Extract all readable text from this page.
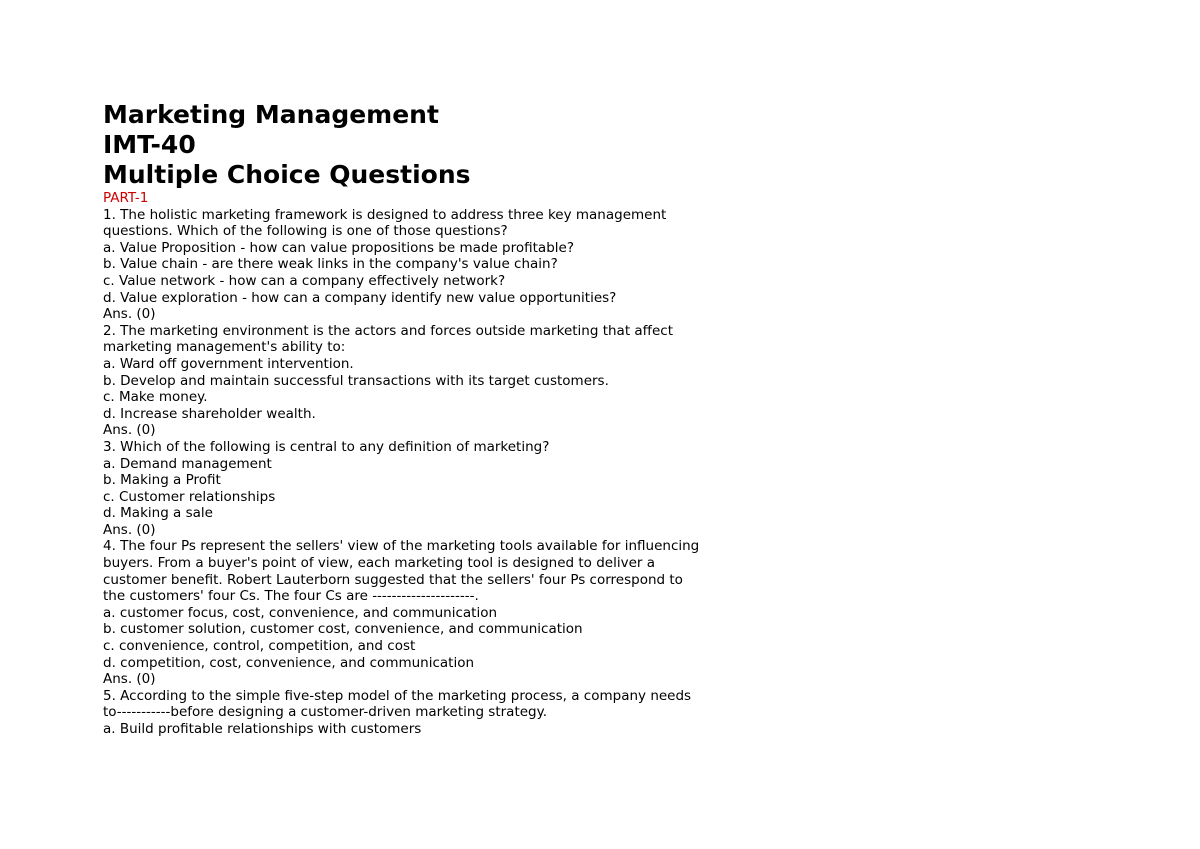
Marketing Management

IMT-40

Multiple Choice Questions

PART-1

1. The holistic marketing framework is designed to address three key management

questions. Which of the following is one of those questions?

a. Value Proposition - how can value propositions be made profitable?

b. Value chain - are there weak links in the company's value chain?

c. Value network - how can a company effectively network?

d. Value exploration - how can a company identify new value opportunities?

Ans. (0)

2. The marketing environment is the actors and forces outside marketing that affect

marketing management's ability to:

a. Ward off government intervention.

b. Develop and maintain successful transactions with its target customers.

c. Make money.

d. Increase shareholder wealth.

Ans. (0)

3. Which of the following is central to any definition of marketing?

a. Demand management

b. Making a Profit

c. Customer relationships

d. Making a sale

Ans. (0)

4. The four Ps represent the sellers' view of the marketing tools available for influencing

buyers. From a buyer's point of view, each marketing tool is designed to deliver a

customer benefit. Robert Lauterborn suggested that the sellers' four Ps correspond to

the customers' four Cs. The four Cs are ---------------------.

a. customer focus, cost, convenience, and communication

b. customer solution, customer cost, convenience, and communication

c. convenience, control, competition, and cost

d. competition, cost, convenience, and communication

Ans. (0)

5. According to the simple five-step model of the marketing process, a company needs

to-----------before designing a customer-driven marketing strategy.

a. Build profitable relationships with customers
